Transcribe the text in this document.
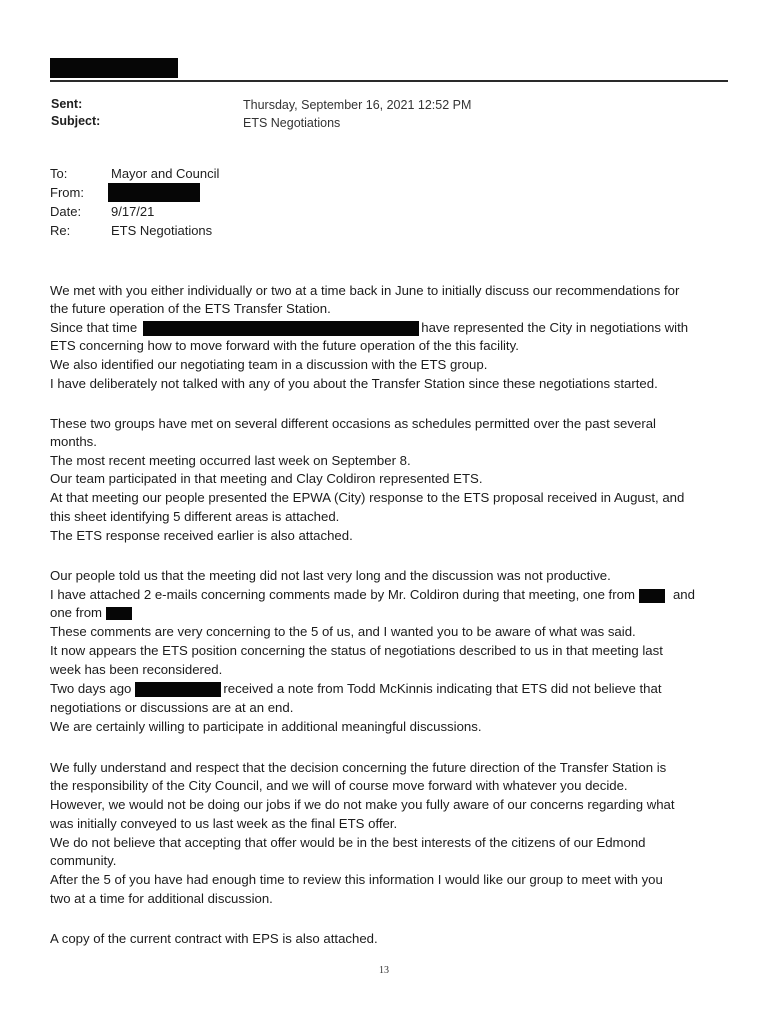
Sent:	Thursday, September 16, 2021 12:52 PM
Subject:	ETS Negotiations
To:	Mayor and Council
From:
Date: 9/17/21
Re:	ETS Negotiations
We met with you either individually or two at a time back in June to initially discuss our recommendations for
the future operation of the ETS Transfer Station.
Since that time	have represented the City in negotiations with
ETS concerning how to move forward with the future operation of the this facility.
We also identified our negotiating team in a discussion with the ETS group.
I have deliberately not talked with any of you about the Transfer Station since these negotiations started.
These two groups have met on several different occasions as schedules permitted over the past several
months.
The most recent meeting occurred last week on September 8.
Our team participated in that meeting and Clay Coldiron represented ETS.
At that meeting our people presented the EPWA (City) response to the ETS proposal received in August, and
this sheet identifying 5 different areas is attached.
The ETS response received earlier is also attached.
Our people told us that the meeting did not last very long and the discussion was not productive.
I have attached 2 e-mails concerning comments made by Mr. Coldiron during that meeting, one from	and
one from
These comments are very concerning to the 5 of us, and I wanted you to be aware of what was said.
It now appears the ETS position concerning the status of negotiations described to us in that meeting last
week has been reconsidered.
Two days ago	received a note from Todd McKinnis indicating that ETS did not believe that
negotiations or discussions are at an end.
We are certainly willing to participate in additional meaningful discussions.
We fully understand and respect that the decision concerning the future direction of the Transfer Station is
the responsibility of the City Council, and we will of course move forward with whatever you decide.
However, we would not be doing our jobs if we do not make you fully aware of our concerns regarding what
was initially conveyed to us last week as the final ETS offer.
We do not believe that accepting that offer would be in the best interests of the citizens of our Edmond
community.
After the 5 of you have had enough time to review this information I would like our group to meet with you
two at a time for additional discussion.
A copy of the current contract with EPS is also attached.
13
